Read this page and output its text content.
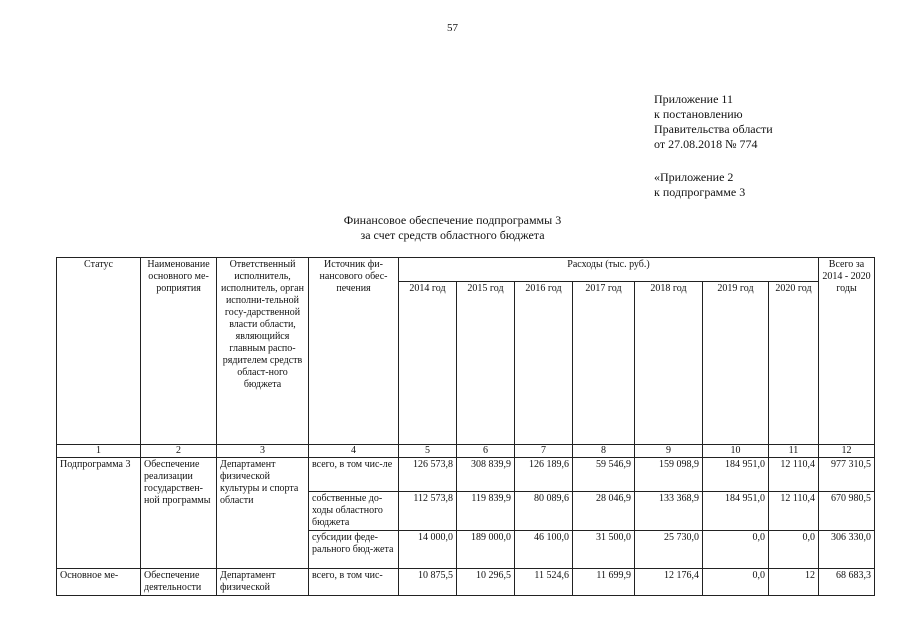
57
Приложение 11
к постановлению
Правительства области
от 27.08.2018 № 774
«Приложение 2
к подпрограмме 3
Финансовое обеспечение подпрограммы 3
за счет средств областного бюджета
Статус	Наименование основного ме-роприятия	Ответственный исполнитель, исполнитель, орган исполни-тельной госу-дарственной власти области, являющийся главным распо-рядителем средств област-ного бюджета	Источник фи-нансового обес-печения	Расходы (тыс. руб.)							Всего за 2014 - 2020 годы
				2014 год	2015 год	2016 год	2017 год	2018 год	2019 год	2020 год	
1	2	3	4	5	6	7	8	9	10	11	12
Подпрограмма 3	Обеспечение реализации государствен-ной программы	Департамент физической культуры и спорта области	всего, в том чис-ле	126 573,8	308 839,9	126 189,6	59 546,9	159 098,9	184 951,0	12 110,4	977 310,5
			собственные до-ходы областного бюджета	112 573,8	119 839,9	80 089,6	28 046,9	133 368,9	184 951,0	12 110,4	670 980,5
			субсидии феде-рального бюд-жета	14 000,0	189 000,0	46 100,0	31 500,0	25 730,0	0,0	0,0	306 330,0
Основное ме-	Обеспечение деятельности	Департамент физической	всего, в том чис-	10 875,5	10 296,5	11 524,6	11 699,9	12 176,4	0,0	12	68 683,3
